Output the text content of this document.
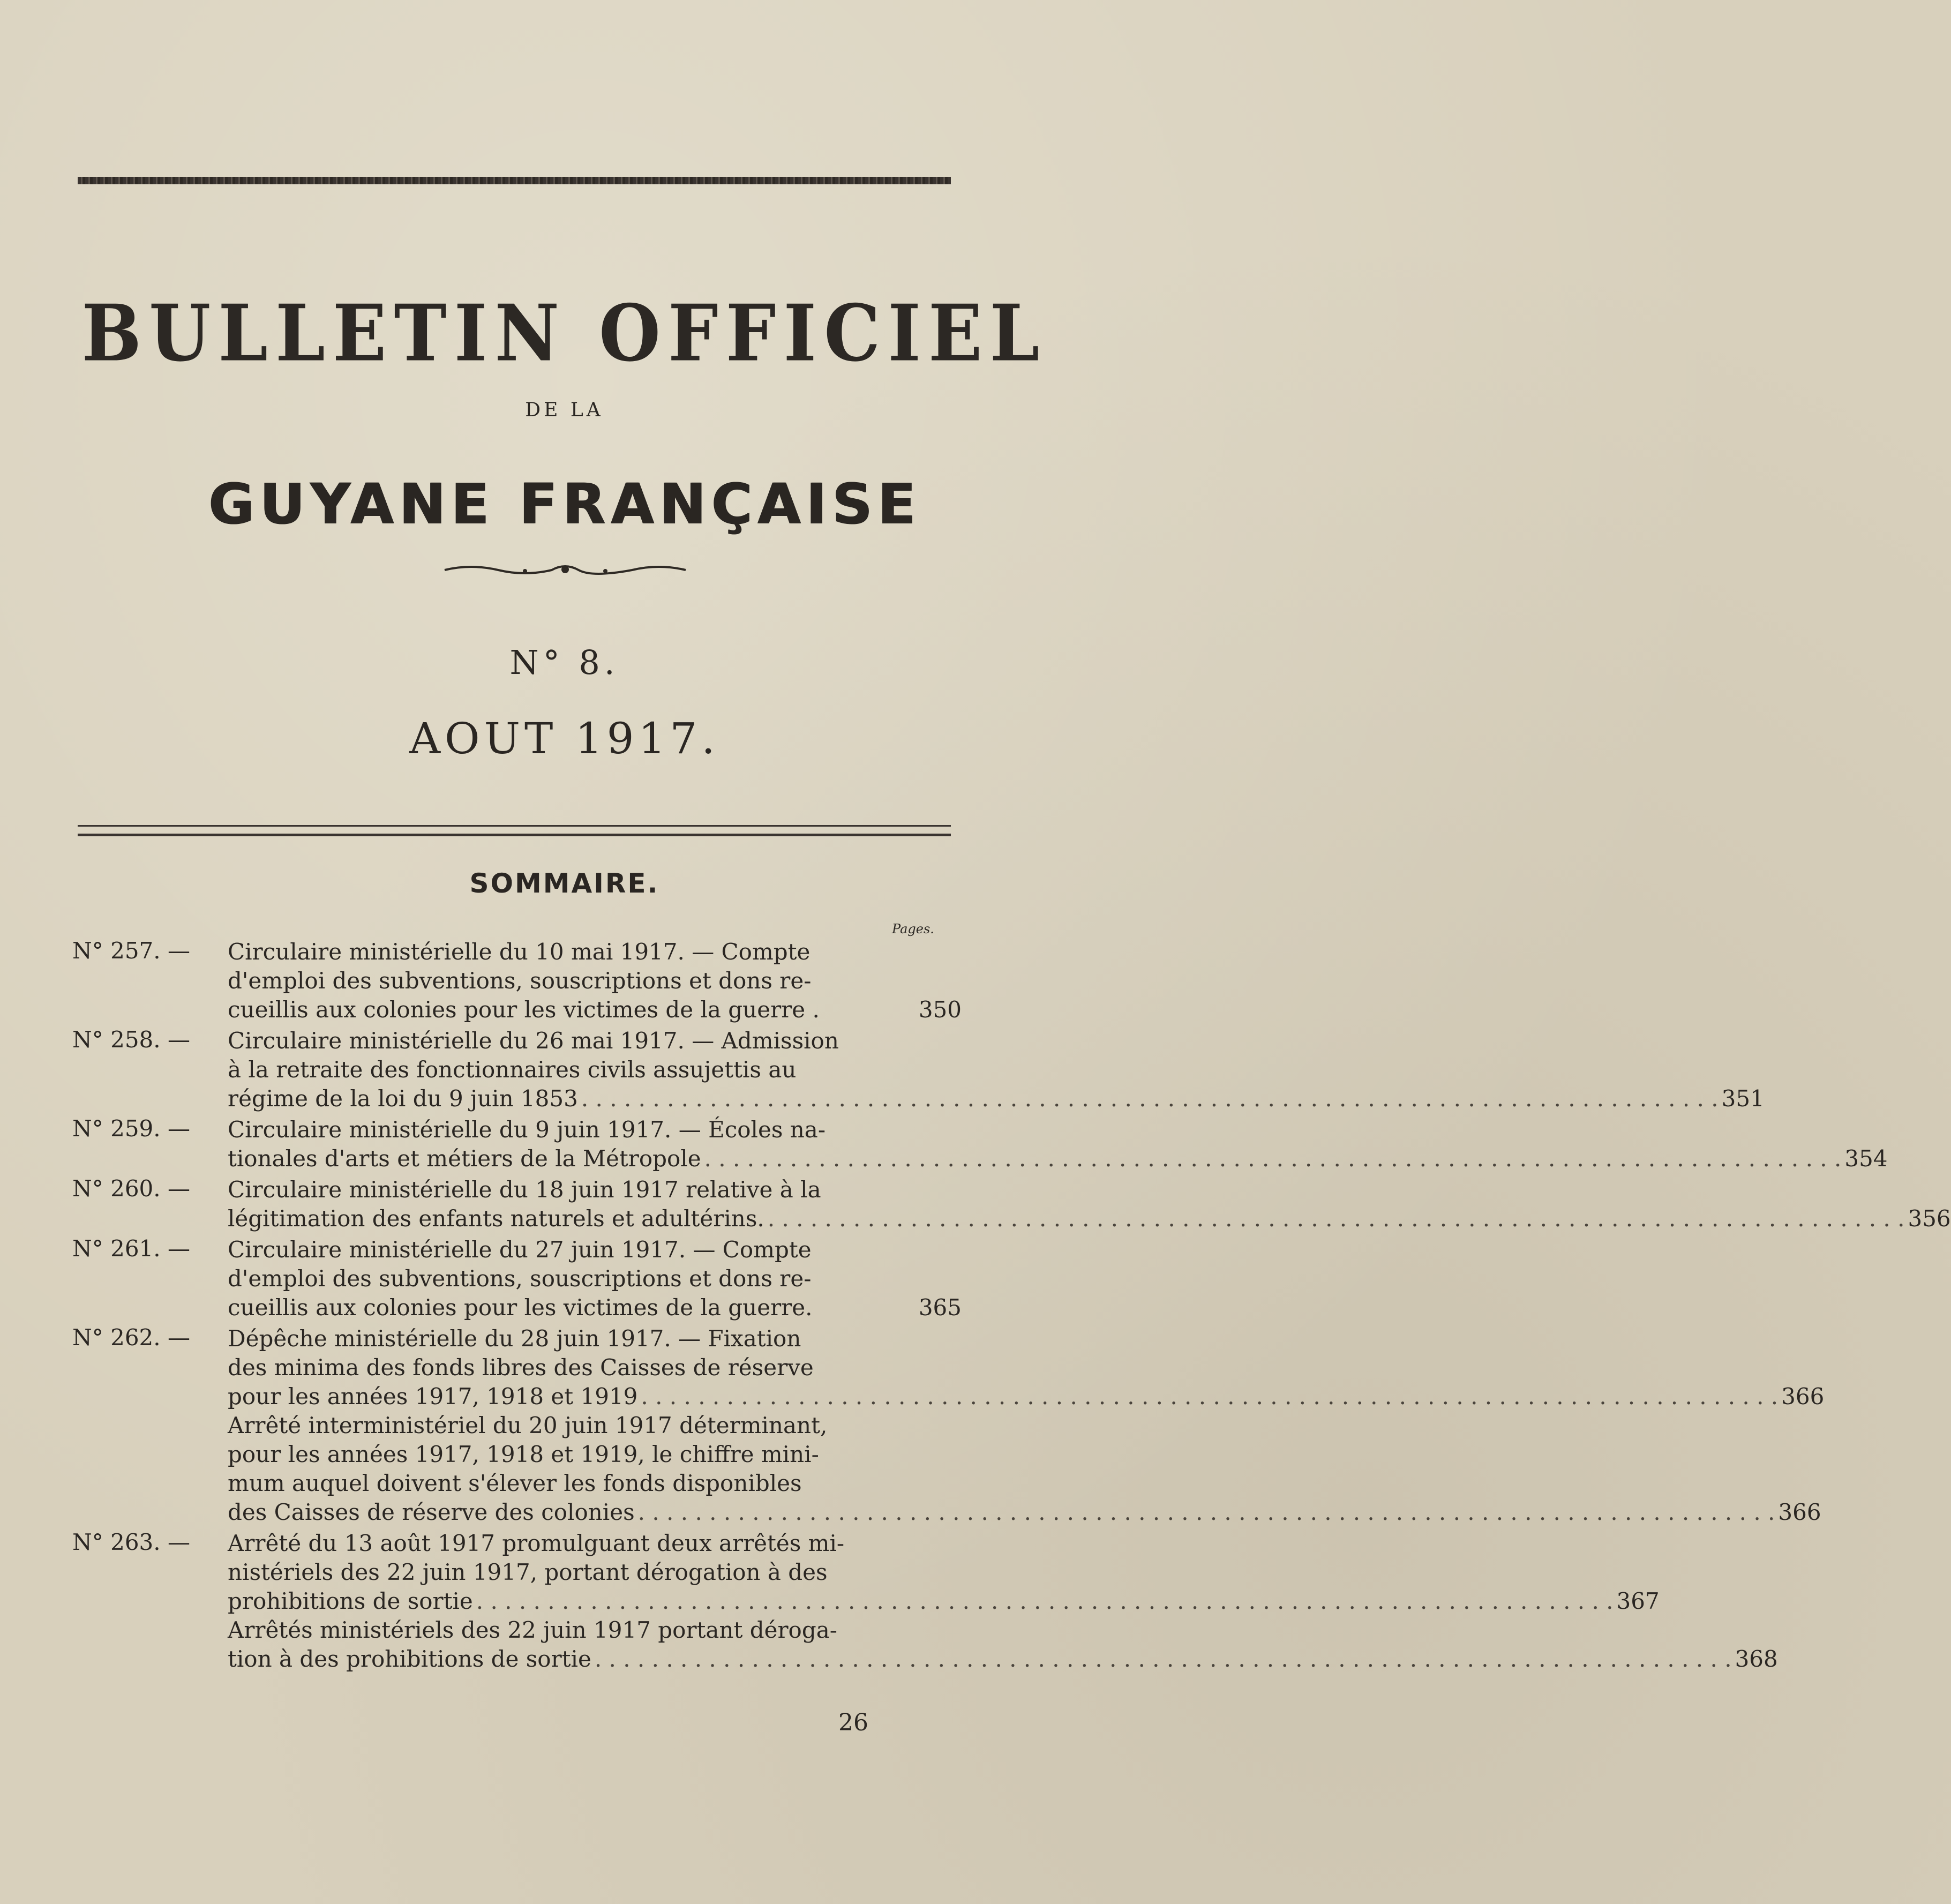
BULLETIN OFFICIEL
DE LA
GUYANE FRANÇAISE
N° 8.
AOUT 1917.
SOMMAIRE.
Pages.
N° 257. —	Circulaire ministérielle du 10 mai 1917. — Compte
d'emploi des subventions, souscriptions et dons re-
cueillis aux colonies pour les victimes de la guerre .	350
N° 258. —	Circulaire ministérielle du 26 mai 1917. — Admission
à la retraite des fonctionnaires civils assujettis au
régime de la loi du 9 juin 1853 . . . . . . . . . . . . . . . . . . . . . . . . . . . . . . . . . . . . . . . . . . . . . . . . . . . . . . . . . . . . . . . . . . . . . . . . . . . . . . . . 351
N° 259. —	Circulaire ministérielle du 9 juin 1917. — Écoles na-
tionales d'arts et métiers de la Métropole . . . . . . . . . . . . . . . . . . . . . . . . . . . . . . . . . . . . . . . . . . . . . . . . . . . . . . . . . . . . . . . . . . . . . . . . . . . . . . . . 354
N° 260. —	Circulaire ministérielle du 18 juin 1917 relative à la
légitimation des enfants naturels et adultérins. . . . . . . . . . . . . . . . . . . . . . . . . . . . . . . . . . . . . . . . . . . . . . . . . . . . . . . . . . . . . . . . . . . . . . . . . . . . . . . . . 356
N° 261. —	Circulaire ministérielle du 27 juin 1917. — Compte
d'emploi des subventions, souscriptions et dons re-
cueillis aux colonies pour les victimes de la guerre.	365
N° 262. —	Dépêche ministérielle du 28 juin 1917. — Fixation
des minima des fonds libres des Caisses de réserve
pour les années 1917, 1918 et 1919 . . . . . . . . . . . . . . . . . . . . . . . . . . . . . . . . . . . . . . . . . . . . . . . . . . . . . . . . . . . . . . . . . . . . . . . . . . . . . . . . 366
Arrêté interministériel du 20 juin 1917 déterminant,
pour les années 1917, 1918 et 1919, le chiffre mini-
mum auquel doivent s'élever les fonds disponibles
des Caisses de réserve des colonies . . . . . . . . . . . . . . . . . . . . . . . . . . . . . . . . . . . . . . . . . . . . . . . . . . . . . . . . . . . . . . . . . . . . . . . . . . . . . . . . 366
N° 263. —	Arrêté du 13 août 1917 promulguant deux arrêtés mi-
nistériels des 22 juin 1917, portant dérogation à des
prohibitions de sortie . . . . . . . . . . . . . . . . . . . . . . . . . . . . . . . . . . . . . . . . . . . . . . . . . . . . . . . . . . . . . . . . . . . . . . . . . . . . . . . . 367
Arrêtés ministériels des 22 juin 1917 portant déroga-
tion à des prohibitions de sortie . . . . . . . . . . . . . . . . . . . . . . . . . . . . . . . . . . . . . . . . . . . . . . . . . . . . . . . . . . . . . . . . . . . . . . . . . . . . . . . . 368
26
